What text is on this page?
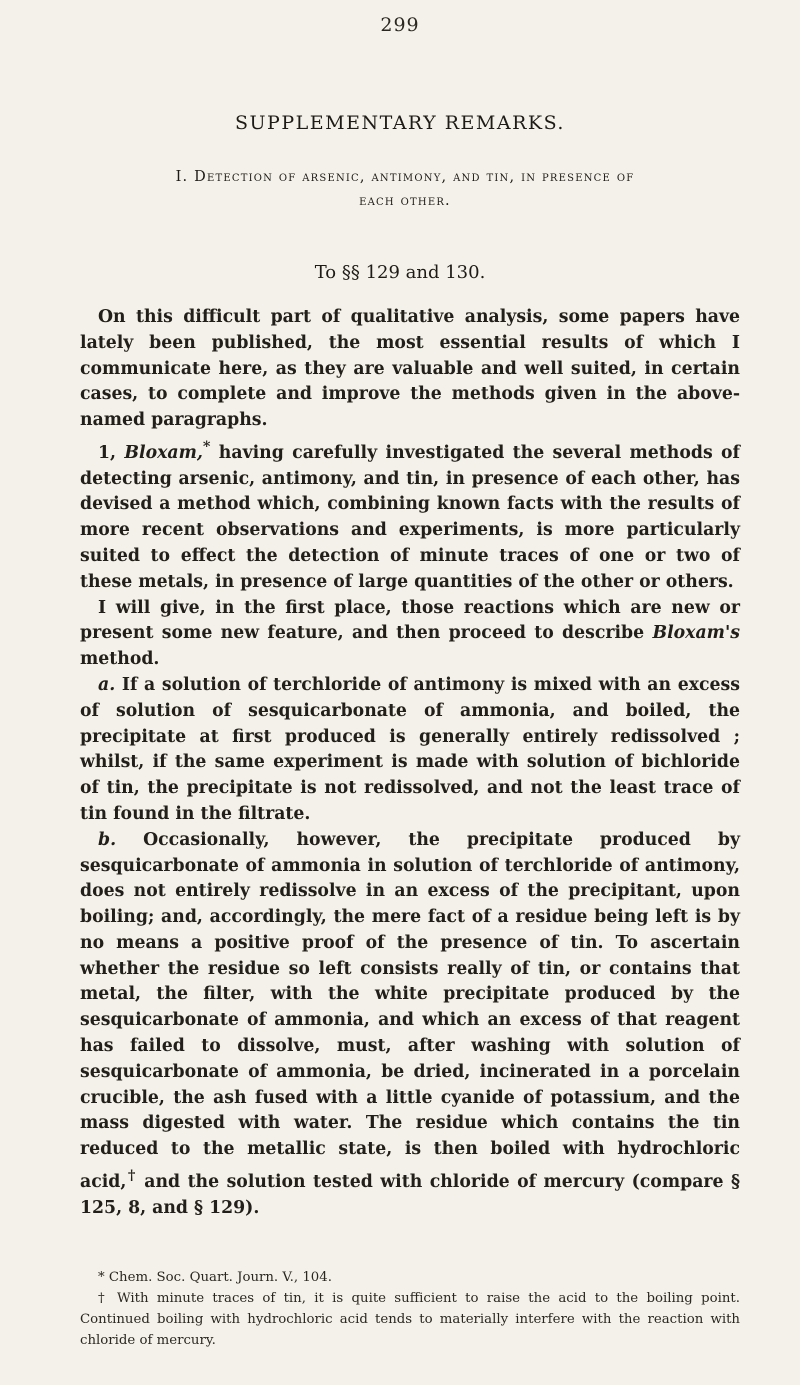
299
SUPPLEMENTARY REMARKS.
I. Detection of arsenic, antimony, and tin, in presence of
each other.
To §§ 129 and 130.

On this difficult part of qualitative analysis, some papers have lately been published, the most essential results of which I communicate here, as they are valuable and well suited, in certain cases, to complete and improve the methods given in the above-named paragraphs.

1, Bloxam,* having carefully investigated the several methods of detecting arsenic, antimony, and tin, in presence of each other, has devised a method which, combining known facts with the results of more recent observations and experiments, is more particularly suited to effect the detection of minute traces of one or two of these metals, in presence of large quantities of the other or others.

I will give, in the first place, those reactions which are new or present some new feature, and then proceed to describe Bloxam's method.

a. If a solution of terchloride of antimony is mixed with an excess of solution of sesquicarbonate of ammonia, and boiled, the precipitate at first produced is generally entirely redissolved ; whilst, if the same experiment is made with solution of bichloride of tin, the precipitate is not redissolved, and not the least trace of tin found in the filtrate.

b. Occasionally, however, the precipitate produced by sesquicarbonate of ammonia in solution of terchloride of antimony, does not entirely redissolve in an excess of the precipitant, upon boiling; and, accordingly, the mere fact of a residue being left is by no means a positive proof of the presence of tin. To ascertain whether the residue so left consists really of tin, or contains that metal, the filter, with the white precipitate produced by the sesquicarbonate of ammonia, and which an excess of that reagent has failed to dissolve, must, after washing with solution of sesquicarbonate of ammonia, be dried, incinerated in a porcelain crucible, the ash fused with a little cyanide of potassium, and the mass digested with water. The residue which contains the tin reduced to the metallic state, is then boiled with hydrochloric acid,† and the solution tested with chloride of mercury (compare § 125, 8, and § 129).

* Chem. Soc. Quart. Journ. V., 104.

† With minute traces of tin, it is quite sufficient to raise the acid to the boiling point. Continued boiling with hydrochloric acid tends to materially interfere with the reaction with chloride of mercury.
